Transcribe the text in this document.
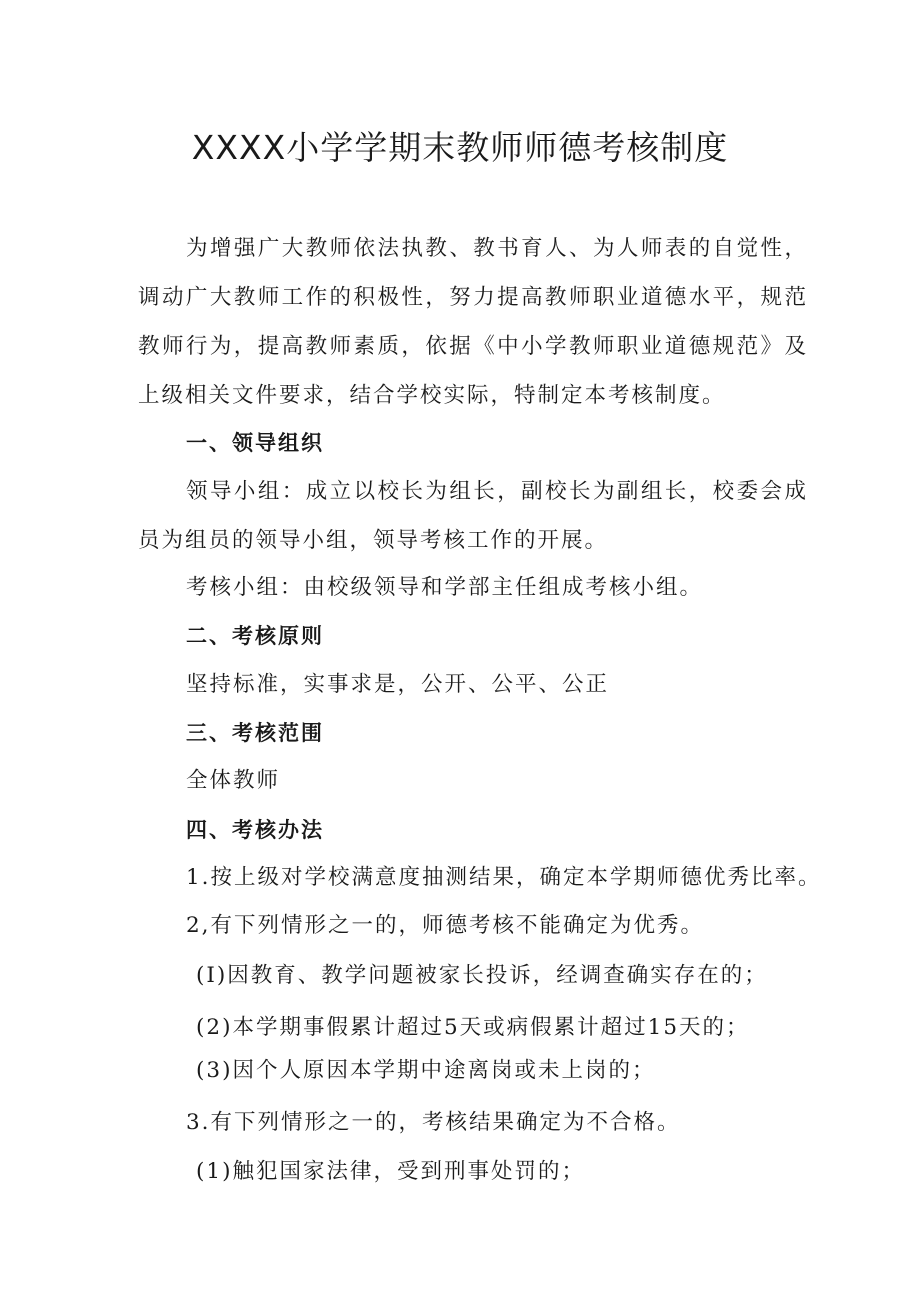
XXXX小学学期末教师师德考核制度

为增强广大教师依法执教、教书育人、为人师表的自觉性，调动广大教师工作的积极性，努力提高教师职业道德水平，规范教师行为，提高教师素质，依据《中小学教师职业道德规范》及上级相关文件要求，结合学校实际，特制定本考核制度。

一、领导组织

领导小组：成立以校长为组长，副校长为副组长，校委会成员为组员的领导小组，领导考核工作的开展。

考核小组：由校级领导和学部主任组成考核小组。

二、考核原则

坚持标准，实事求是，公开、公平、公正

三、考核范围

全体教师

四、考核办法

1.按上级对学校满意度抽测结果，确定本学期师德优秀比率。

2,有下列情形之一的，师德考核不能确定为优秀。

(I)因教育、教学问题被家长投诉，经调查确实存在的；

(2)本学期事假累计超过5天或病假累计超过15天的；

(3)因个人原因本学期中途离岗或未上岗的；

3.有下列情形之一的，考核结果确定为不合格。

(1)触犯国家法律，受到刑事处罚的；
